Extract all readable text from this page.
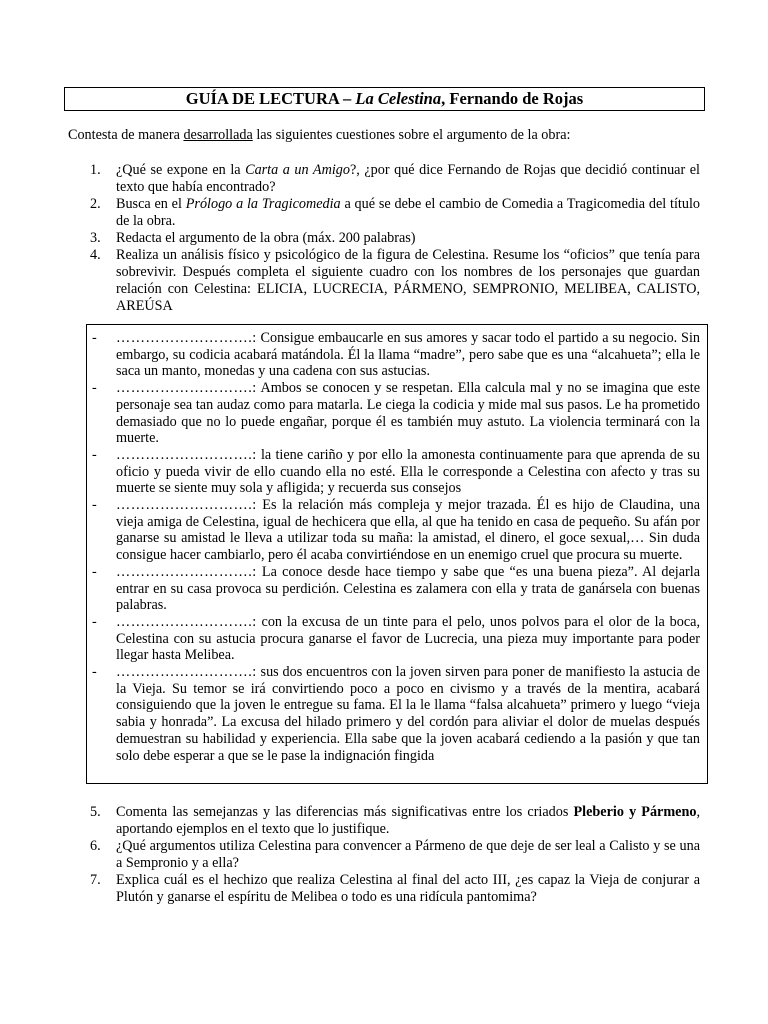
GUÍA DE LECTURA – La Celestina, Fernando de Rojas
Contesta de manera desarrollada las siguientes cuestiones sobre el argumento de la obra:
1. ¿Qué se expone en la Carta a un Amigo?, ¿por qué dice Fernando de Rojas que decidió continuar el texto que había encontrado?
2. Busca en el Prólogo a la Tragicomedia a qué se debe el cambio de Comedia a Tragicomedia del título de la obra.
3. Redacta el argumento de la obra (máx. 200 palabras)
4. Realiza un análisis físico y psicológico de la figura de Celestina. Resume los “oficios” que tenía para sobrevivir. Después completa el siguiente cuadro con los nombres de los personajes que guardan relación con Celestina: ELICIA, LUCRECIA, PÁRMENO, SEMPRONIO, MELIBEA, CALISTO, AREÚSA
- ……………………….: Consigue embaucarle en sus amores y sacar todo el partido a su negocio. Sin embargo, su codicia acabará matándola. Él la llama “madre”, pero sabe que es una “alcahueta”; ella le saca un manto, monedas y una cadena con sus astucias.
- ……………………….: Ambos se conocen y se respetan. Ella calcula mal y no se imagina que este personaje sea tan audaz como para matarla. Le ciega la codicia y mide mal sus pasos. Le ha prometido demasiado que no lo puede engañar, porque él es también muy astuto. La violencia terminará con la muerte.
- ……………………….: la tiene cariño y por ello la amonesta continuamente para que aprenda de su oficio y pueda vivir de ello cuando ella no esté. Ella le corresponde a Celestina con afecto y tras su muerte se siente muy sola y afligida; y recuerda sus consejos
- ……………………….: Es la relación más compleja y mejor trazada. Él es hijo de Claudina, una vieja amiga de Celestina, igual de hechicera que ella, al que ha tenido en casa de pequeño. Su afán por ganarse su amistad le lleva a utilizar toda su maña: la amistad, el dinero, el goce sexual,… Sin duda consigue hacer cambiarlo, pero él acaba convirtiéndose en un enemigo cruel que procura su muerte.
- ……………………….: La conoce desde hace tiempo y sabe que “es una buena pieza”. Al dejarla entrar en su casa provoca su perdición. Celestina es zalamera con ella y trata de ganársela con buenas palabras.
- ……………………….: con la excusa de un tinte para el pelo, unos polvos para el olor de la boca, Celestina con su astucia procura ganarse el favor de Lucrecia, una pieza muy importante para poder llegar hasta Melibea.
- ……………………….: sus dos encuentros con la joven sirven para poner de manifiesto la astucia de la Vieja. Su temor se irá convirtiendo poco a poco en civismo y a través de la mentira, acabará consiguiendo que la joven le entregue su fama. El la le llama “falsa alcahueta” primero y luego “vieja sabia y honrada”. La excusa del hilado primero y del cordón para aliviar el dolor de muelas después demuestran su habilidad y experiencia. Ella sabe que la joven acabará cediendo a la pasión y que tan solo debe esperar a que se le pase la indignación fingida
5. Comenta las semejanzas y las diferencias más significativas entre los criados Pleberio y Pármeno, aportando ejemplos en el texto que lo justifique.
6. ¿Qué argumentos utiliza Celestina para convencer a Pármeno de que deje de ser leal a Calisto y se una a Sempronio y a ella?
7. Explica cuál es el hechizo que realiza Celestina al final del acto III, ¿es capaz la Vieja de conjurar a Plutón y ganarse el espíritu de Melibea o todo es una ridícula pantomima?
